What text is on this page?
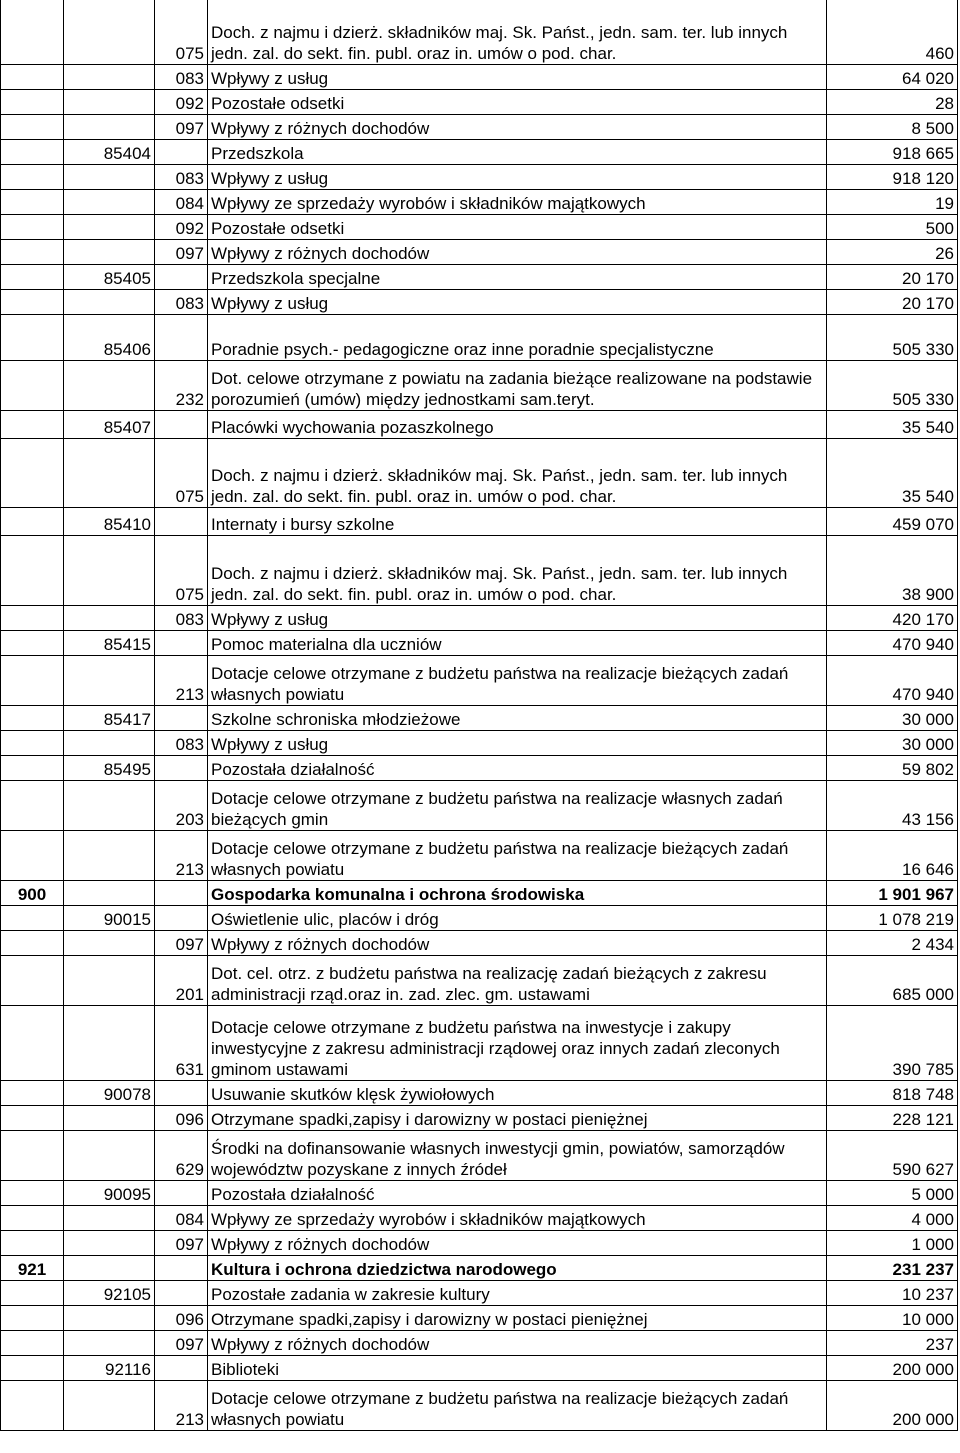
		075	Doch. z najmu i dzierż. składników maj. Sk. Państ., jedn. sam. ter. lub innych jedn. zal. do sekt. fin. publ. oraz in. umów o pod. char.	460
		083	Wpływy z usług	64 020
		092	Pozostałe odsetki	28
		097	Wpływy z różnych dochodów	8 500
	85404		Przedszkola	918 665
		083	Wpływy z usług	918 120
		084	Wpływy ze sprzedaży wyrobów i składników majątkowych	19
		092	Pozostałe odsetki	500
		097	Wpływy z różnych dochodów	26
	85405		Przedszkola specjalne	20 170
		083	Wpływy z usług	20 170
	85406		Poradnie psych.- pedagogiczne oraz inne poradnie specjalistyczne	505 330
		232	Dot. celowe otrzymane z powiatu na zadania bieżące realizowane na podstawie porozumień (umów) między jednostkami sam.teryt.	505 330
	85407		Placówki wychowania pozaszkolnego	35 540
		075	Doch. z najmu i dzierż. składników maj. Sk. Państ., jedn. sam. ter. lub innych jedn. zal. do sekt. fin. publ. oraz in. umów o pod. char.	35 540
	85410		Internaty i bursy szkolne	459 070
		075	Doch. z najmu i dzierż. składników maj. Sk. Państ., jedn. sam. ter. lub innych jedn. zal. do sekt. fin. publ. oraz in. umów o pod. char.	38 900
		083	Wpływy z usług	420 170
	85415		Pomoc materialna dla uczniów	470 940
		213	Dotacje celowe otrzymane z budżetu państwa na realizacje bieżących zadań własnych powiatu	470 940
	85417		Szkolne schroniska młodzieżowe	30 000
		083	Wpływy z usług	30 000
	85495		Pozostała działalność	59 802
		203	Dotacje celowe otrzymane z budżetu państwa na realizacje własnych zadań bieżących gmin	43 156
		213	Dotacje celowe otrzymane z budżetu państwa na realizacje bieżących zadań własnych powiatu	16 646
900			Gospodarka komunalna i ochrona środowiska	1 901 967
	90015		Oświetlenie ulic, placów i dróg	1 078 219
		097	Wpływy z różnych dochodów	2 434
		201	Dot. cel. otrz. z budżetu państwa na realizację zadań bieżących z zakresu administracji rząd.oraz in. zad. zlec. gm. ustawami	685 000
		631	Dotacje celowe otrzymane z budżetu państwa na inwestycje i zakupy inwestycyjne z zakresu administracji rządowej oraz innych zadań zleconych gminom ustawami	390 785
	90078		Usuwanie skutków klęsk żywiołowych	818 748
		096	Otrzymane spadki,zapisy i darowizny w postaci pieniężnej	228 121
		629	Środki na dofinansowanie własnych inwestycji gmin, powiatów, samorządów województw pozyskane z innych źródeł	590 627
	90095		Pozostała działalność	5 000
		084	Wpływy ze sprzedaży wyrobów i składników majątkowych	4 000
		097	Wpływy z różnych dochodów	1 000
921			Kultura i ochrona dziedzictwa narodowego	231 237
	92105		Pozostałe zadania w zakresie kultury	10 237
		096	Otrzymane spadki,zapisy i darowizny w postaci pieniężnej	10 000
		097	Wpływy z różnych dochodów	237
	92116		Biblioteki	200 000
		213	Dotacje celowe otrzymane z budżetu państwa na realizacje bieżących zadań własnych powiatu	200 000
